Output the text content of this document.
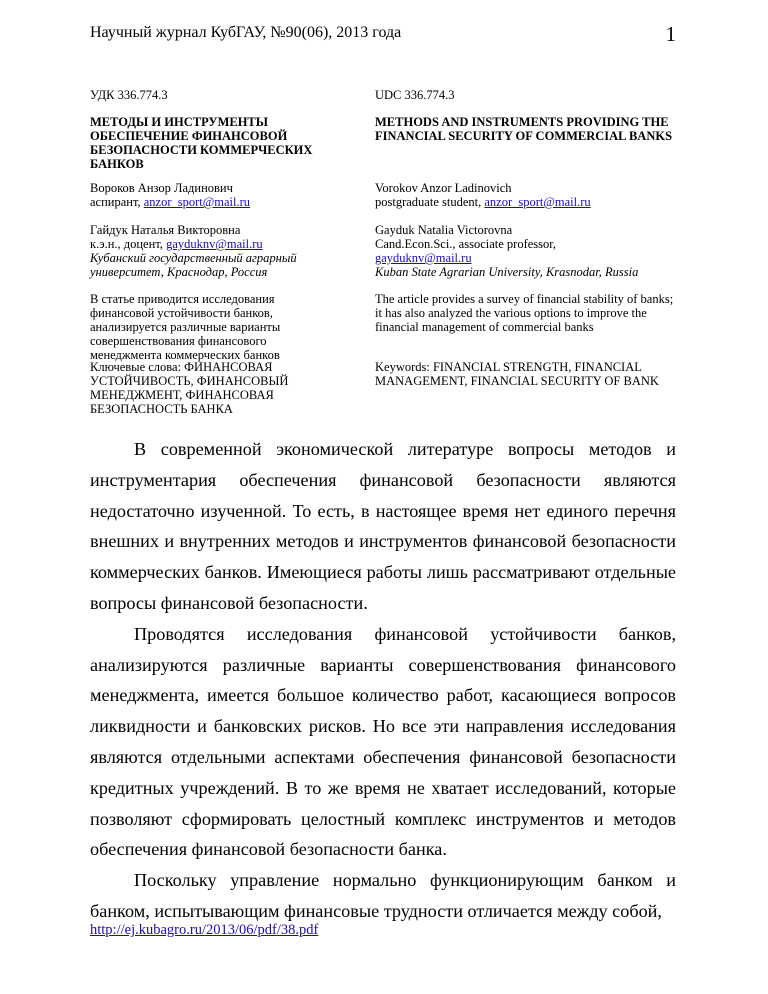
Научный журнал КубГАУ, №90(06), 2013 года	1
УДК 336.774.3	UDC 336.774.3
МЕТОДЫ И ИНСТРУМЕНТЫ ОБЕСПЕЧЕНИЕ ФИНАНСОВОЙ БЕЗОПАСНОСТИ КОММЕРЧЕСКИХ БАНКОВ
METHODS AND INSTRUMENTS PROVIDING THE FINANCIAL SECURITY OF COMMERCIAL BANKS
Вороков Анзор Ладинович
аспирант, anzor_sport@mail.ru
Vorokov Anzor Ladinovich
postgraduate student, anzor_sport@mail.ru
Гайдук Наталья Викторовна
к.э.н., доцент, gayduknv@mail.ru
Кубанский государственный аграрный университет, Краснодар, Россия
Gayduk Natalia Victorovna
Cand.Econ.Sci., associate professor,
gayduknv@mail.ru
Kuban State Agrarian University, Krasnodar, Russia
В статье приводится исследования финансовой устойчивости банков, анализируется различные варианты совершенствования финансового менеджмента коммерческих банков
The article provides a survey of financial stability of banks; it has also analyzed the various options to improve the financial management of commercial banks
Ключевые слова: ФИНАНСОВАЯ УСТОЙЧИВОСТЬ, ФИНАНСОВЫЙ МЕНЕДЖМЕНТ, ФИНАНСОВАЯ БЕЗОПАСНОСТЬ БАНКА
Keywords: FINANCIAL STRENGTH, FINANCIAL MANAGEMENT, FINANCIAL SECURITY OF BANK

В современной экономической литературе вопросы методов и инструментария обеспечения финансовой безопасности являются недостаточно изученной. То есть, в настоящее время нет единого перечня внешних и внутренних методов и инструментов финансовой безопасности коммерческих банков. Имеющиеся работы лишь рассматривают отдельные вопросы финансовой безопасности.

Проводятся исследования финансовой устойчивости банков, анализируются различные варианты совершенствования финансового менеджмента, имеется большое количество работ, касающиеся вопросов ликвидности и банковских рисков. Но все эти направления исследования являются отдельными аспектами обеспечения финансовой безопасности кредитных учреждений. В то же время не хватает исследований, которые позволяют сформировать целостный комплекс инструментов и методов обеспечения финансовой безопасности банка.

Поскольку управление нормально функционирующим банком и банком, испытывающим финансовые трудности отличается между собой,

http://ej.kubagro.ru/2013/06/pdf/38.pdf
